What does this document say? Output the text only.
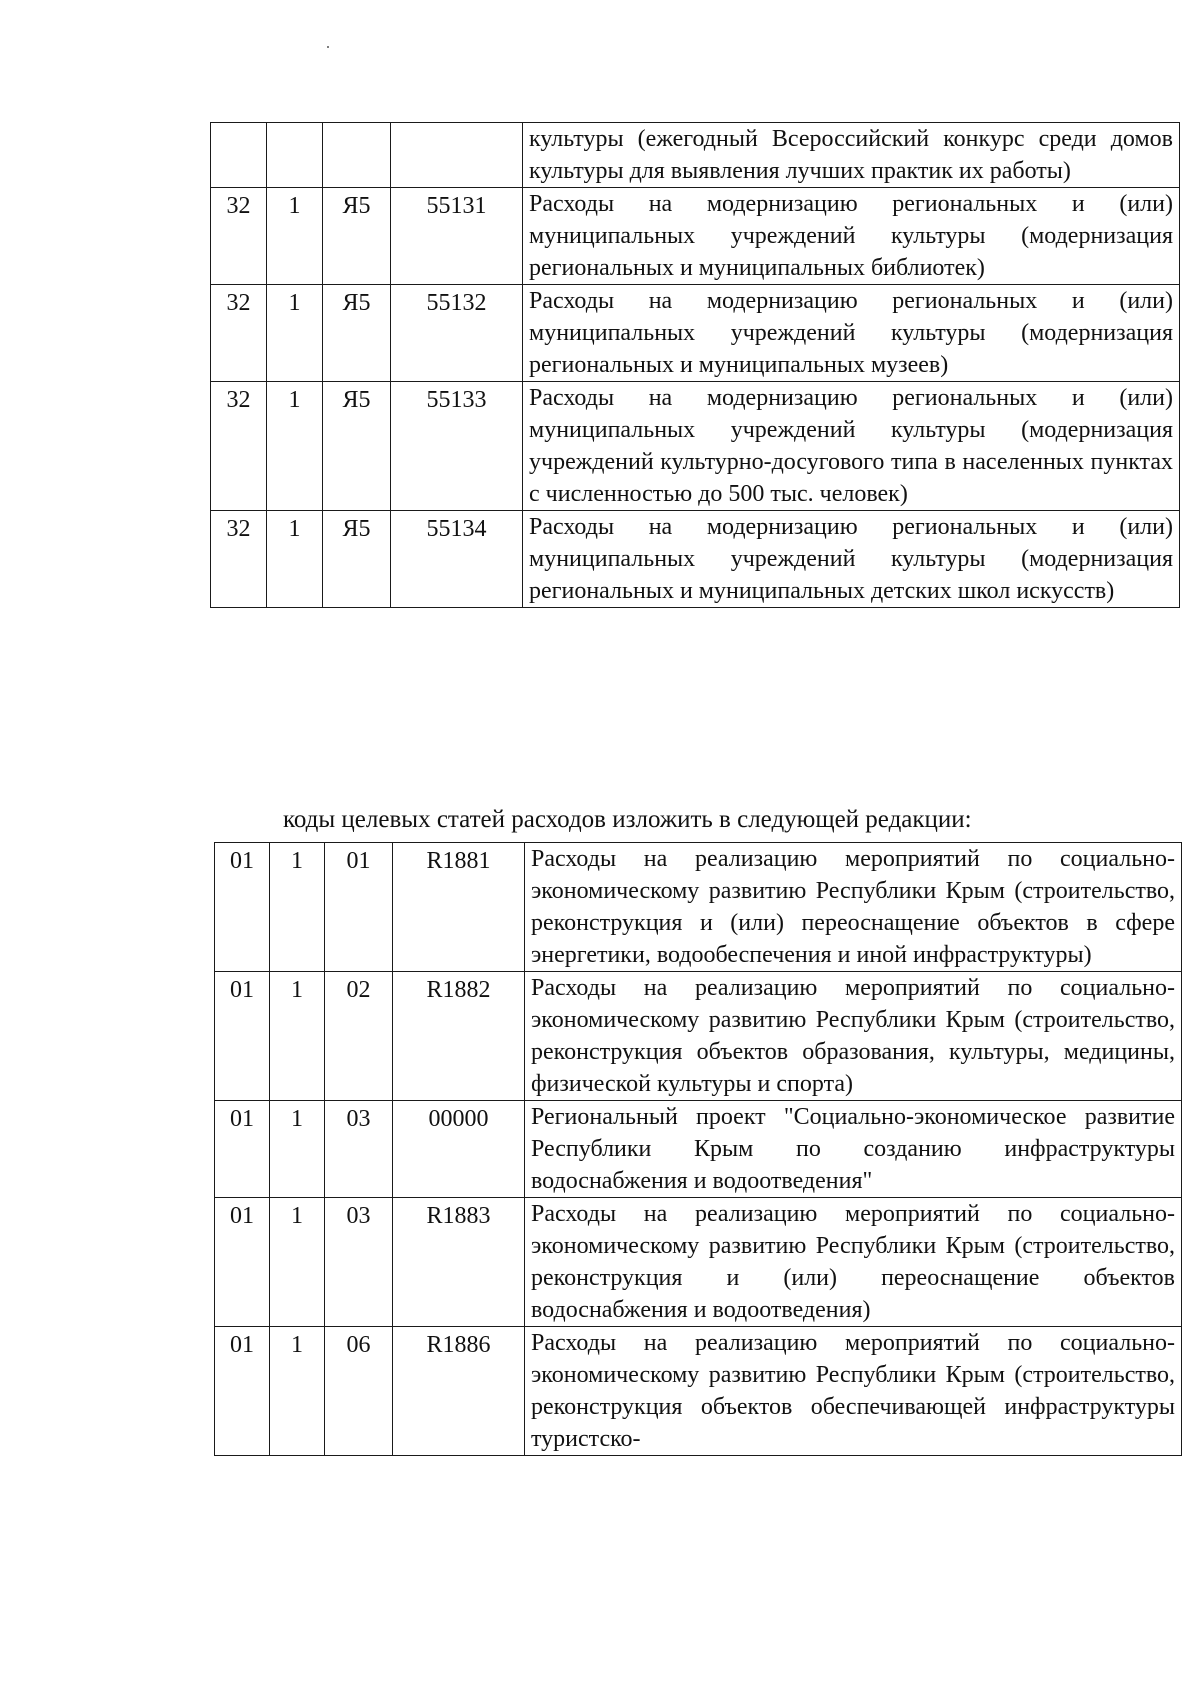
				культуры (ежегодный Всероссийский конкурс среди домов культуры для выявления лучших практик их работы)
32	1	Я5	55131	Расходы на модернизацию региональных и (или) муниципальных учреждений культуры (модернизация региональных и муниципальных библиотек)
32	1	Я5	55132	Расходы на модернизацию региональных и (или) муниципальных учреждений культуры (модернизация региональных и муниципальных музеев)
32	1	Я5	55133	Расходы на модернизацию региональных и (или) муниципальных учреждений культуры (модернизация учреждений культурно-досугового типа в населенных пунктах с численностью до 500 тыс. человек)
32	1	Я5	55134	Расходы на модернизацию региональных и (или) муниципальных учреждений культуры (модернизация региональных и муниципальных детских школ искусств)
коды целевых статей расходов изложить в следующей редакции:
01	1	01	R1881	Расходы на реализацию мероприятий по социально-экономическому развитию Республики Крым (строительство, реконструкция и (или) переоснащение объектов в сфере энергетики, водообеспечения и иной инфраструктуры)
01	1	02	R1882	Расходы на реализацию мероприятий по социально-экономическому развитию Республики Крым (строительство, реконструкция объектов образования, культуры, медицины, физической культуры и спорта)
01	1	03	00000	Региональный проект "Социально-экономическое развитие Республики Крым по созданию инфраструктуры водоснабжения и водоотведения"
01	1	03	R1883	Расходы на реализацию мероприятий по социально-экономическому развитию Республики Крым (строительство, реконструкция и (или) переоснащение объектов водоснабжения и водоотведения)
01	1	06	R1886	Расходы на реализацию мероприятий по социально-экономическому развитию Республики Крым (строительство, реконструкция объектов обеспечивающей инфраструктуры туристско-
